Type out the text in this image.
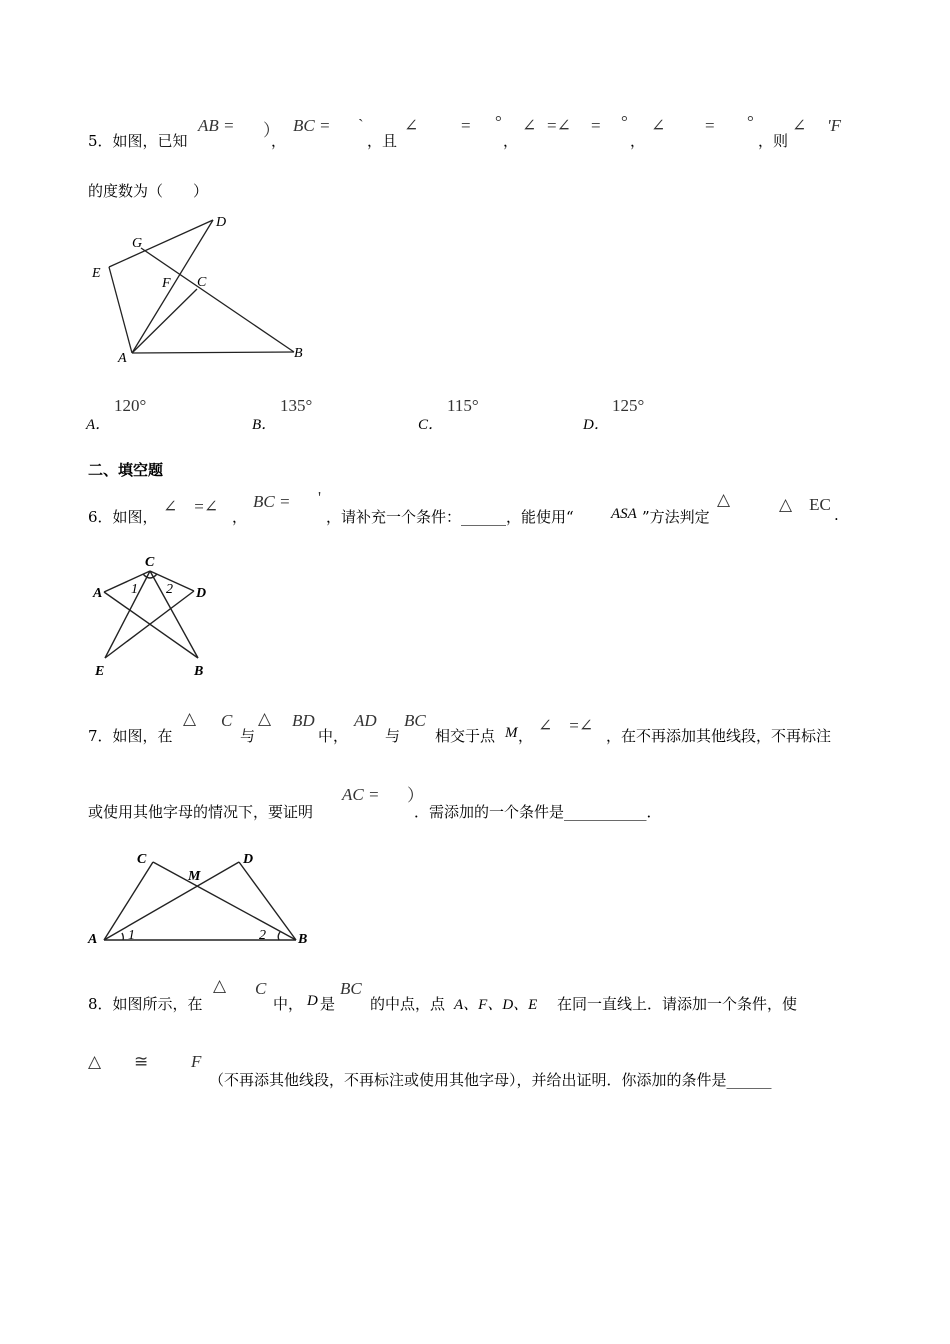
5．如图，已知
AB = ）
，
BC = `
，且
∠	= °
，
∠ =∠ = °
，
∠ = °
，则
∠ 'F
的度数为（　　）
D
G
E
F C
A	B
A．
120°
B．
135°
C．
115°
D．
125°
二、填空题
6．如图，
∠　=∠
，
BC = '
，请补充一个条件：______，能使用“ ASA ”方法判定
△	△　EC
.
C
A 1 2 D
E	B
7．如图，在
△ C
与
△ BD
中，
AD
与
BC
相交于点 M ，
∠　=∠
，在不再添加其他线段，不再标注
或使用其他字母的情况下，要证明
AC = ）
．需添加的一个条件是___________．
C
M
D
A 1	2 B
8．如图所示，在
△ C
中， D 是
BC
的中点，点 A、F、D、E 在同一直线上．请添加一个条件，使
△ ≅	F
（不再添其他线段，不再标注或使用其他字母），并给出证明．你添加的条件是______
